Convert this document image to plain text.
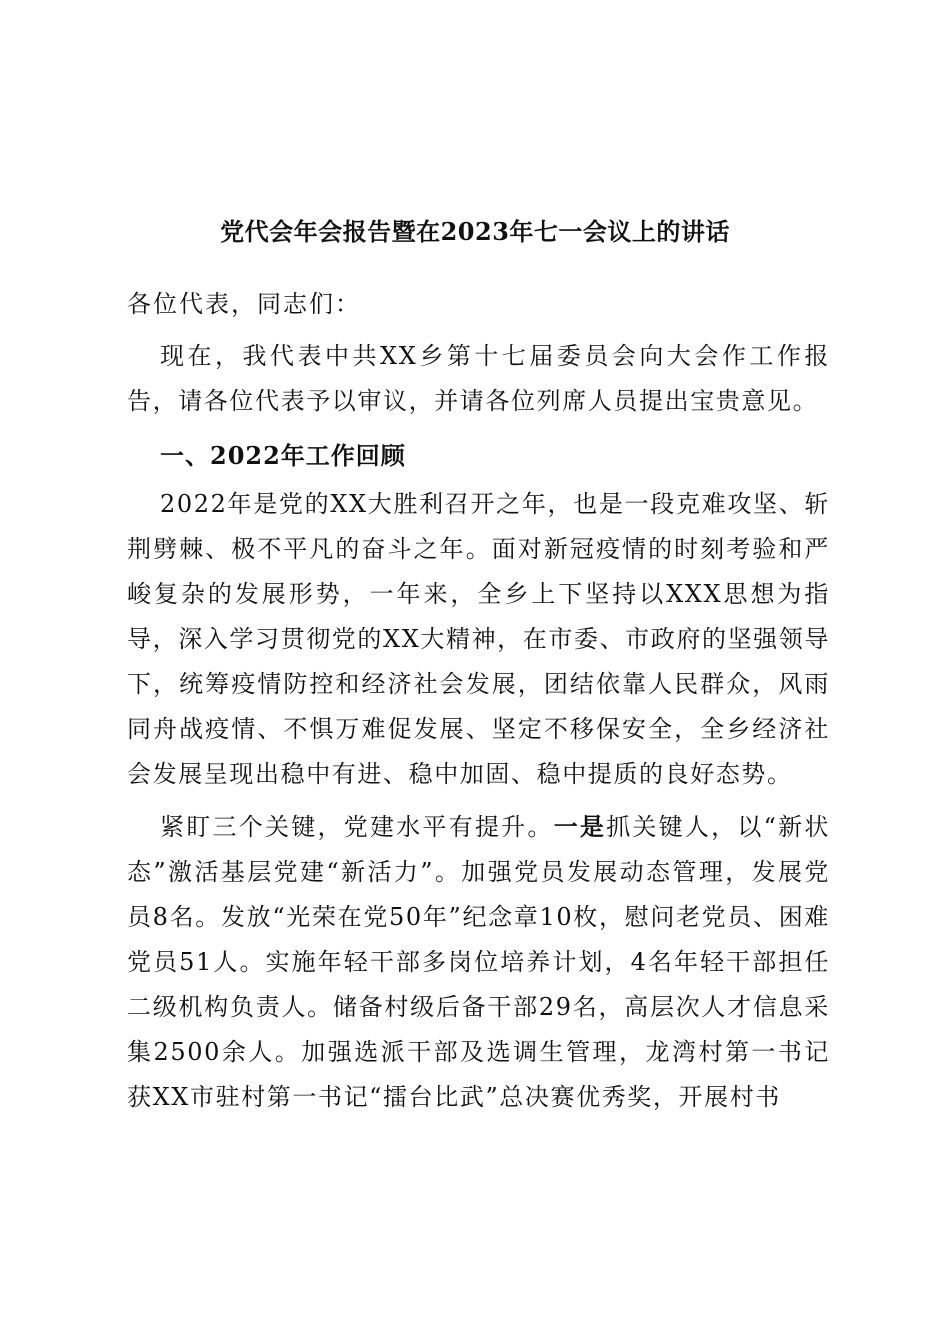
党代会年会报告暨在2023年七一会议上的讲话
各位代表，同志们：
现在，我代表中共XX乡第十七届委员会向大会作工作报告，请各位代表予以审议，并请各位列席人员提出宝贵意见。
一、2022年工作回顾
2022年是党的XX大胜利召开之年，也是一段克难攻坚、斩荆劈棘、极不平凡的奋斗之年。面对新冠疫情的时刻考验和严峻复杂的发展形势，一年来，全乡上下坚持以XXX思想为指导，深入学习贯彻党的XX大精神，在市委、市政府的坚强领导下，统筹疫情防控和经济社会发展，团结依靠人民群众，风雨同舟战疫情、不惧万难促发展、坚定不移保安全，全乡经济社会发展呈现出稳中有进、稳中加固、稳中提质的良好态势。
紧盯三个关键，党建水平有提升。一是抓关键人，以“新状态”激活基层党建“新活力”。加强党员发展动态管理，发展党员8名。发放“光荣在党50年”纪念章10枚，慰问老党员、困难党员51人。实施年轻干部多岗位培养计划，4名年轻干部担任二级机构负责人。储备村级后备干部29名，高层次人才信息采集2500余人。加强选派干部及选调生管理，龙湾村第一书记获XX市驻村第一书记“擂台比武”总决赛优秀奖，开展村书
